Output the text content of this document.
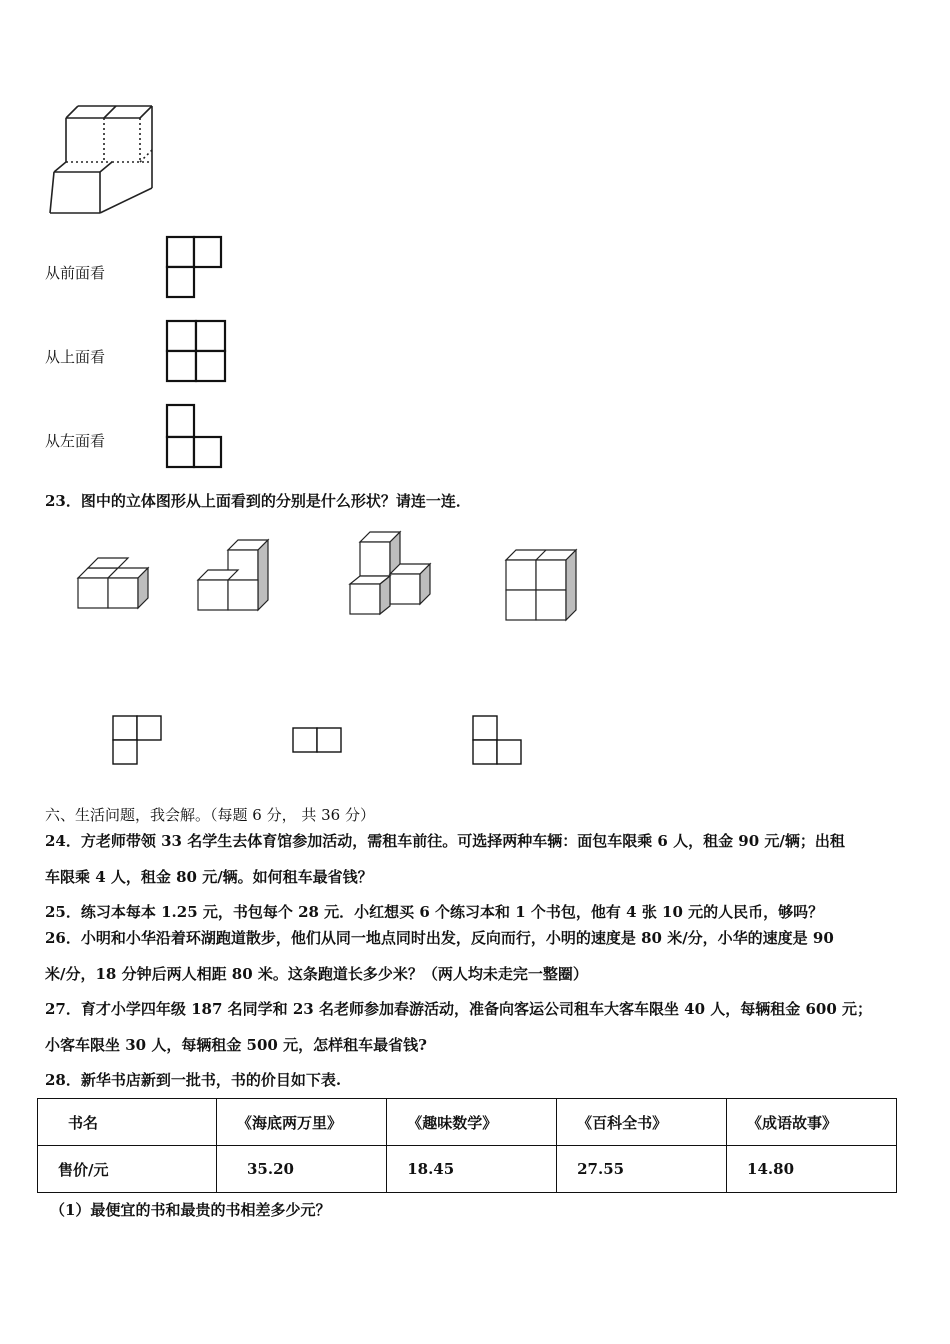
从前面看
从上面看
从左面看
23．图中的立体图形从上面看到的分别是什么形状？请连一连．
六、生活问题，我会解。（每题 6 分， 共 36 分）
24．方老师带领 33 名学生去体育馆参加活动，需租车前往。可选择两种车辆：面包车限乘 6 人，租金 90 元/辆；出租
车限乘 4 人，租金 80 元/辆。如何租车最省钱？
25．练习本每本 1.25 元，书包每个 28 元．小红想买 6 个练习本和 1 个书包，他有 4 张 10 元的人民币，够吗？
26．小明和小华沿着环湖跑道散步，他们从同一地点同时出发，反向而行，小明的速度是 80 米/分，小华的速度是 90
米/分，18 分钟后两人相距 80 米。这条跑道长多少米？（两人均未走完一整圈）
27．育才小学四年级 187 名同学和 23 名老师参加春游活动，准备向客运公司租车大客车限坐 40 人，每辆租金 600 元；
小客车限坐 30 人，每辆租金 500 元，怎样租车最省钱?
28．新华书店新到一批书，书的价目如下表.
书名	《海底两万里》	《趣味数学》	《百科全书》	《成语故事》
售价/元	35.20	18.45	27.55	14.80
（1）最便宜的书和最贵的书相差多少元？
